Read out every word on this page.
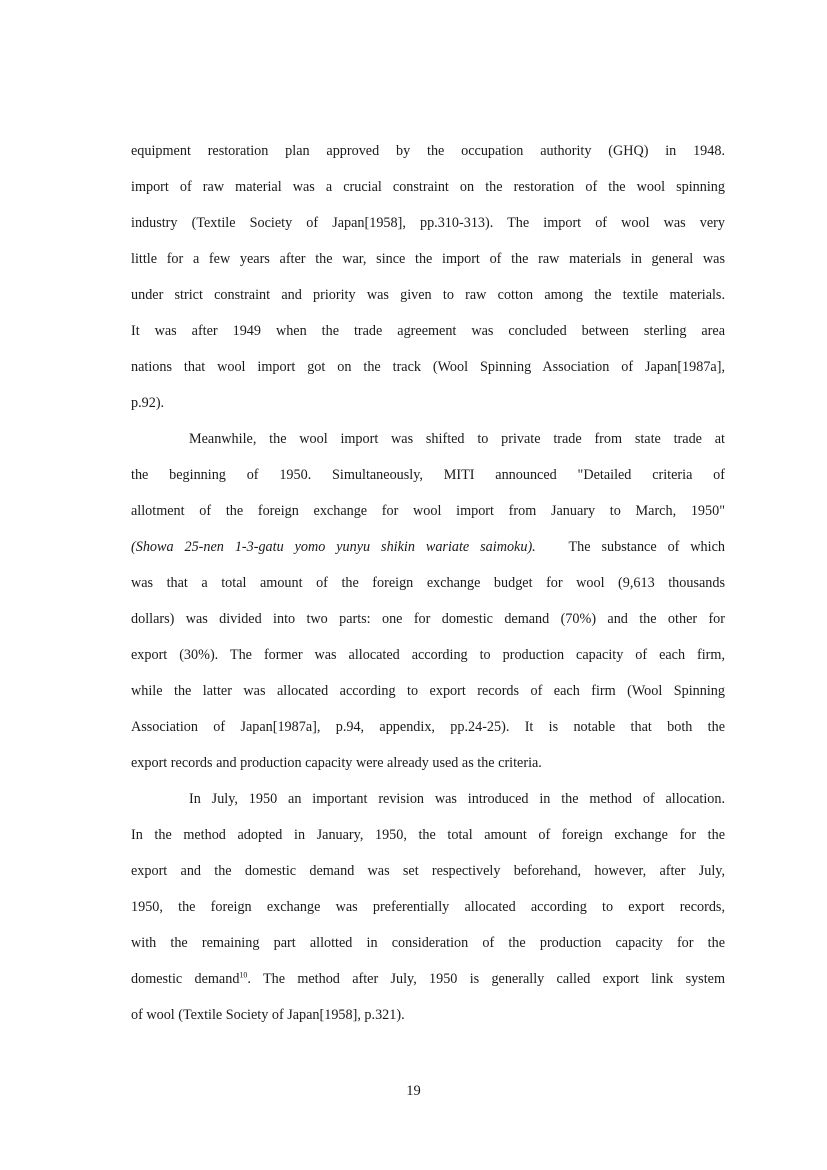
equipment restoration plan approved by the occupation authority (GHQ) in 1948.
import of raw material was a crucial constraint on the restoration of the wool spinning
industry (Textile Society of Japan[1958], pp.310-313). The import of wool was very
little for a few years after the war, since the import of the raw materials in general was
under strict constraint and priority was given to raw cotton among the textile materials.
It was after 1949 when the trade agreement was concluded between sterling area
nations that wool import got on the track (Wool Spinning Association of Japan[1987a],
p.92).
Meanwhile, the wool import was shifted to private trade from state trade at
the beginning of 1950. Simultaneously, MITI announced "Detailed criteria of
allotment of the foreign exchange for wool import from January to March, 1950"
(Showa 25-nen 1-3-gatu yomo yunyu shikin wariate saimoku). The substance of which
was that a total amount of the foreign exchange budget for wool (9,613 thousands
dollars) was divided into two parts: one for domestic demand (70%) and the other for
export (30%). The former was allocated according to production capacity of each firm,
while the latter was allocated according to export records of each firm (Wool Spinning
Association of Japan[1987a], p.94, appendix, pp.24-25). It is notable that both the
export records and production capacity were already used as the criteria.
In July, 1950 an important revision was introduced in the method of allocation.
In the method adopted in January, 1950, the total amount of foreign exchange for the
export and the domestic demand was set respectively beforehand, however, after July,
1950, the foreign exchange was preferentially allocated according to export records,
with the remaining part allotted in consideration of the production capacity for the
domestic demand$^{10}$. The method after July, 1950 is generally called export link system
of wool (Textile Society of Japan[1958], p.321).
19
